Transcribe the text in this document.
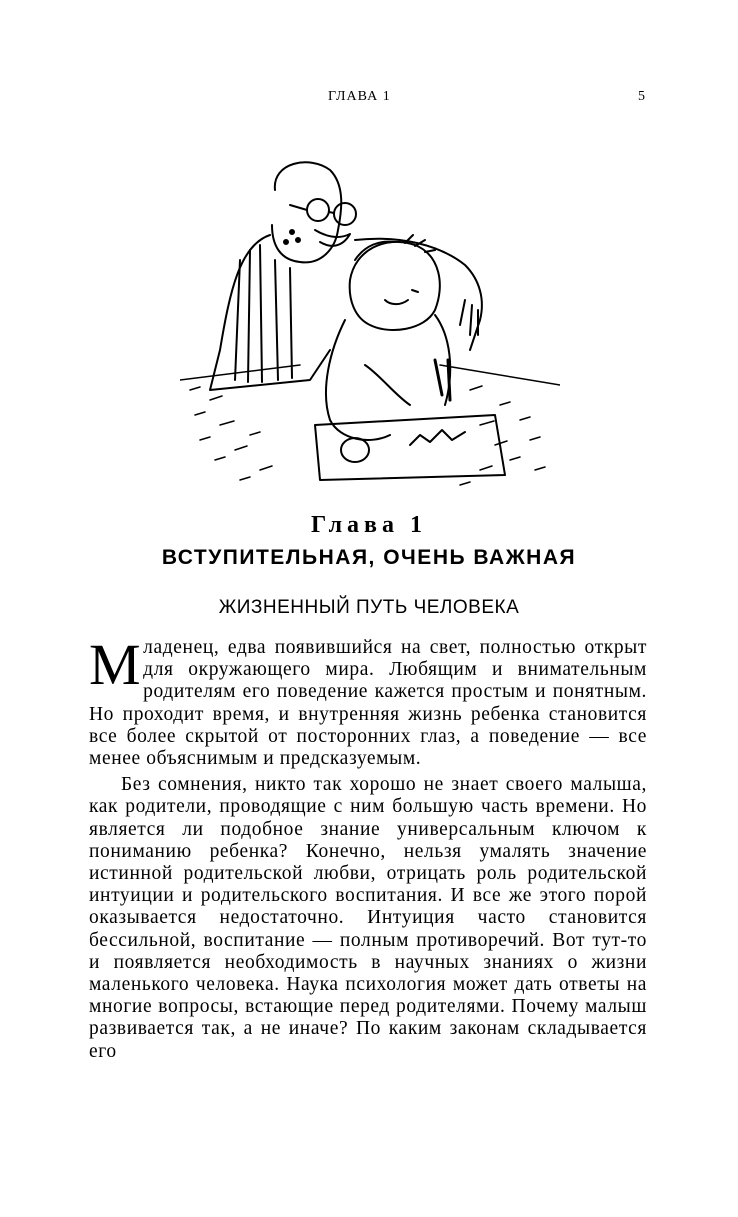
ГЛАВА 1	5
Глава 1
ВСТУПИТЕЛЬНАЯ, ОЧЕНЬ ВАЖНАЯ
ЖИЗНЕННЫЙ ПУТЬ ЧЕЛОВЕКА

Младенец, едва появившийся на свет, полностью открыт для окружающего мира. Любящим и внимательным родителям его поведение кажется простым и понятным. Но проходит время, и внутренняя жизнь ребенка становится все более скрытой от посторонних глаз, а поведение — все менее объяснимым и предсказуемым.

Без сомнения, никто так хорошо не знает своего малыша, как родители, проводящие с ним большую часть времени. Но является ли подобное знание универсальным ключом к пониманию ребенка? Конечно, нельзя умалять значение истинной родительской любви, отрицать роль родительской интуиции и родительского воспитания. И все же этого порой оказывается недостаточно. Интуиция часто становится бессильной, воспитание — полным противоречий. Вот тут-то и появляется необходимость в научных знаниях о жизни маленького человека. Наука психология может дать ответы на многие вопросы, встающие перед родителями. Почему малыш развивается так, а не иначе? По каким законам складывается его
